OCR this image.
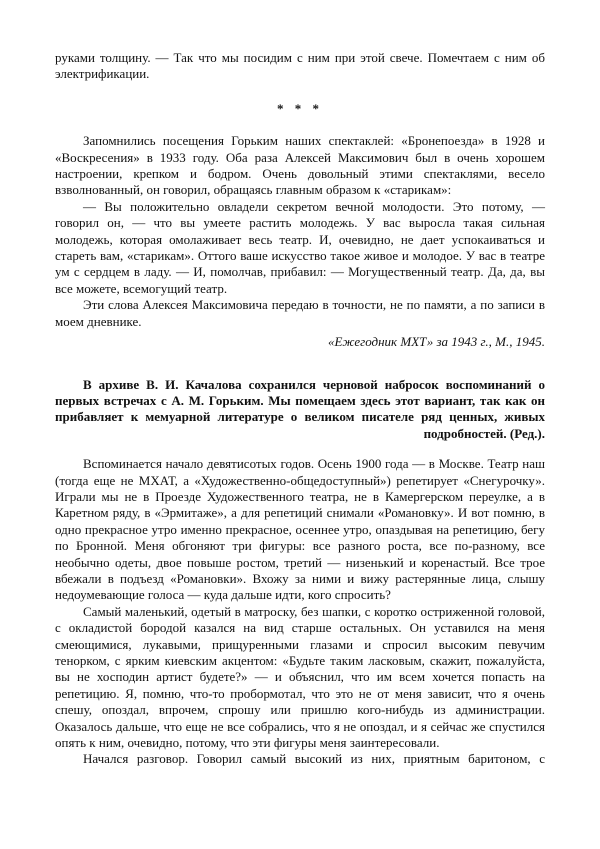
руками толщину. — Так что мы посидим с ним при этой свече. Помечтаем с ним об электрификации.

* * *

Запомнились посещения Горьким наших спектаклей: «Бронепоезда» в 1928 и «Воскресения» в 1933 году. Оба раза Алексей Максимович был в очень хорошем настроении, крепком и бодром. Очень довольный этими спектаклями, весело взволнованный, он говорил, обращаясь главным образом к «старикам»:

— Вы положительно овладели секретом вечной молодости. Это потому, — говорил он, — что вы умеете растить молодежь. У вас выросла такая сильная молодежь, которая омолаживает весь театр. И, очевидно, не дает успокаиваться и стареть вам, «старикам». Оттого ваше искусство такое живое и молодое. У вас в театре ум с сердцем в ладу. — И, помолчав, прибавил: — Могущественный театр. Да, да, вы все можете, всемогущий театр.

Эти слова Алексея Максимовича передаю в точности, не по памяти, а по записи в моем дневнике.

«Ежегодник МХТ» за 1943 г., М., 1945.

В архиве В. И. Качалова сохранился черновой набросок воспоминаний о первых встречах с А. М. Горьким. Мы помещаем здесь этот вариант, так как он прибавляет к мемуарной литературе о великом писателе ряд ценных, живых подробностей. (Ред.).

Вспоминается начало девятисотых годов. Осень 1900 года — в Москве. Театр наш (тогда еще не МХАТ, а «Художественно-общедоступный») репетирует «Снегурочку». Играли мы не в Проезде Художественного театра, не в Камергерском переулке, а в Каретном ряду, в «Эрмитаже», а для репетиций снимали «Романовку». И вот помню, в одно прекрасное утро именно прекрасное, осеннее утро, опаздывая на репетицию, бегу по Бронной. Меня обгоняют три фигуры: все разного роста, все по-разному, все необычно одеты, двое повыше ростом, третий — низенький и коренастый. Все трое вбежали в подъезд «Романовки». Вхожу за ними и вижу растерянные лица, слышу недоумевающие голоса — куда дальше идти, кого спросить?

Самый маленький, одетый в матроску, без шапки, с коротко остриженной головой, с окладистой бородой казался на вид старше остальных. Он уставился на меня смеющимися, лукавыми, прищуренными глазами и спросил высоким певучим тенорком, с ярким киевским акцентом: «Будьте таким ласковым, скажит, пожалуйста, вы не хосподин артист будете?» — и объяснил, что им всем хочется попасть на репетицию. Я, помню, что-то пробормотал, что это не от меня зависит, что я очень спешу, опоздал, впрочем, спрошу или пришлю кого-нибудь из администрации. Оказалось дальше, что еще не все собрались, что я не опоздал, и я сейчас же спустился опять к ним, очевидно, потому, что эти фигуры меня заинтересовали.

Начался разговор. Говорил самый высокий из них, приятным баритоном, с
